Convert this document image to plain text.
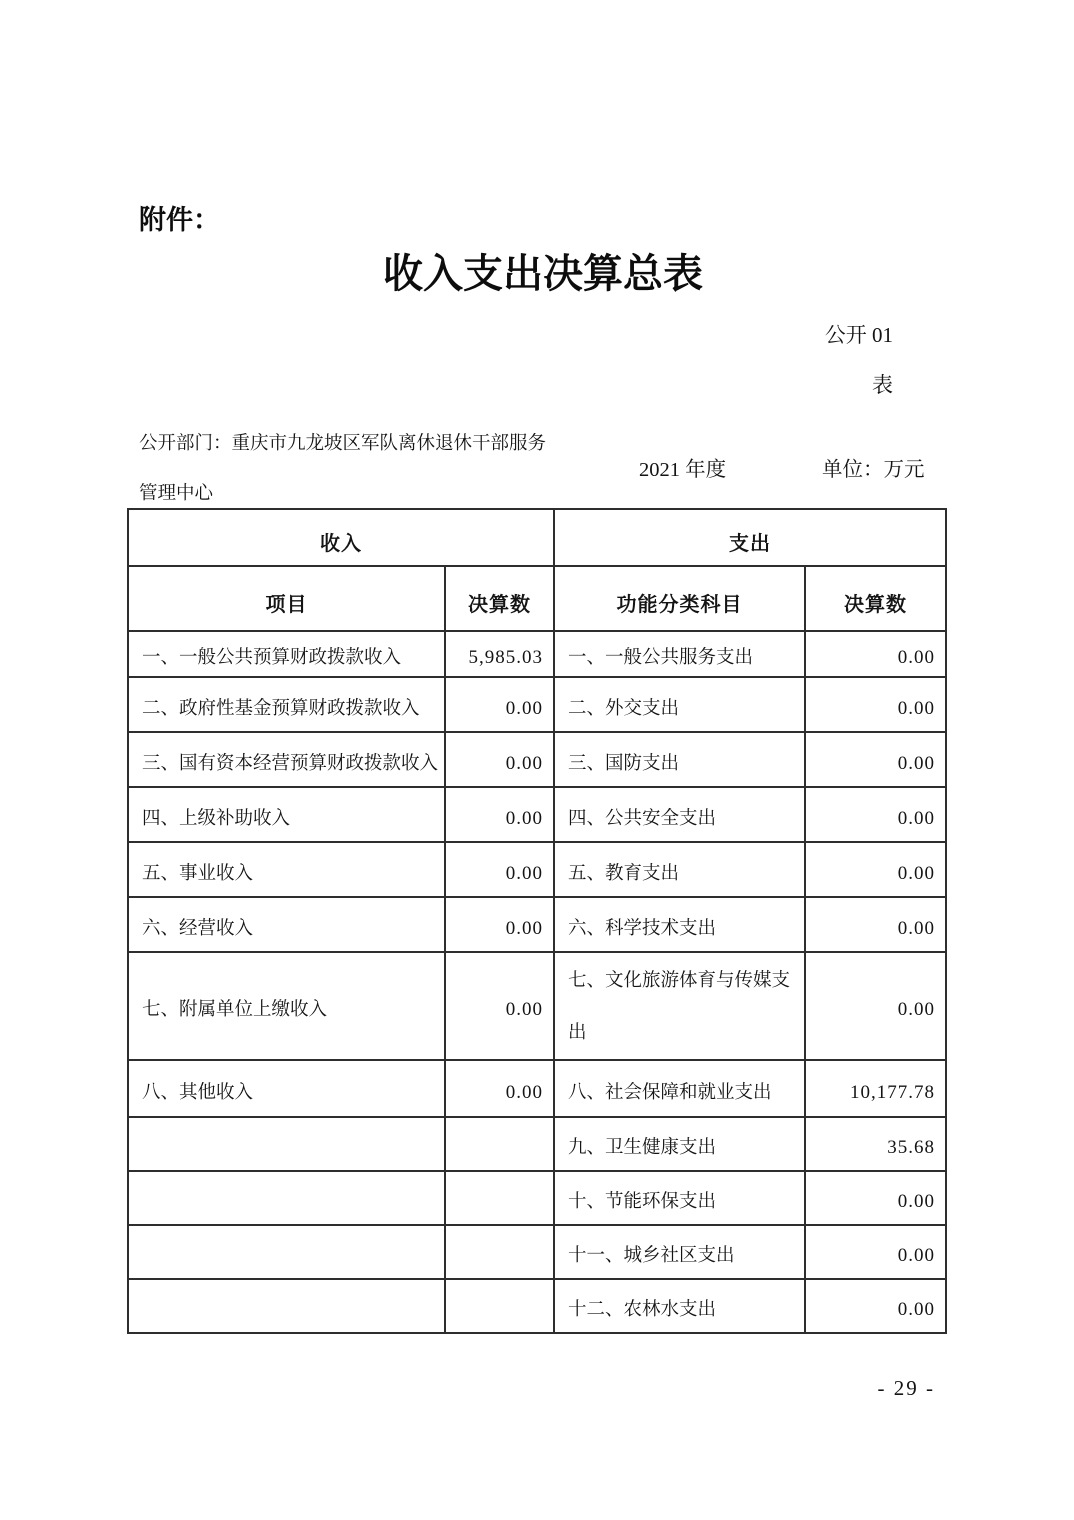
附件：
收入支出决算总表
公开 01
表
公开部门：重庆市九龙坡区军队离休退休干部服务
2021 年度	单位：万元
管理中心
收入		支出	
项目	决算数	功能分类科目	决算数
一、一般公共预算财政拨款收入	5,985.03	一、一般公共服务支出	0.00
二、政府性基金预算财政拨款收入	0.00	二、外交支出	0.00
三、国有资本经营预算财政拨款收入	0.00	三、国防支出	0.00
四、上级补助收入	0.00	四、公共安全支出	0.00
五、事业收入	0.00	五、教育支出	0.00
六、经营收入	0.00	六、科学技术支出	0.00
七、附属单位上缴收入	0.00	七、文化旅游体育与传媒支出	0.00
八、其他收入	0.00	八、社会保障和就业支出	10,177.78
		九、卫生健康支出	35.68
		十、节能环保支出	0.00
		十一、城乡社区支出	0.00
		十二、农林水支出	0.00
- 29 -
